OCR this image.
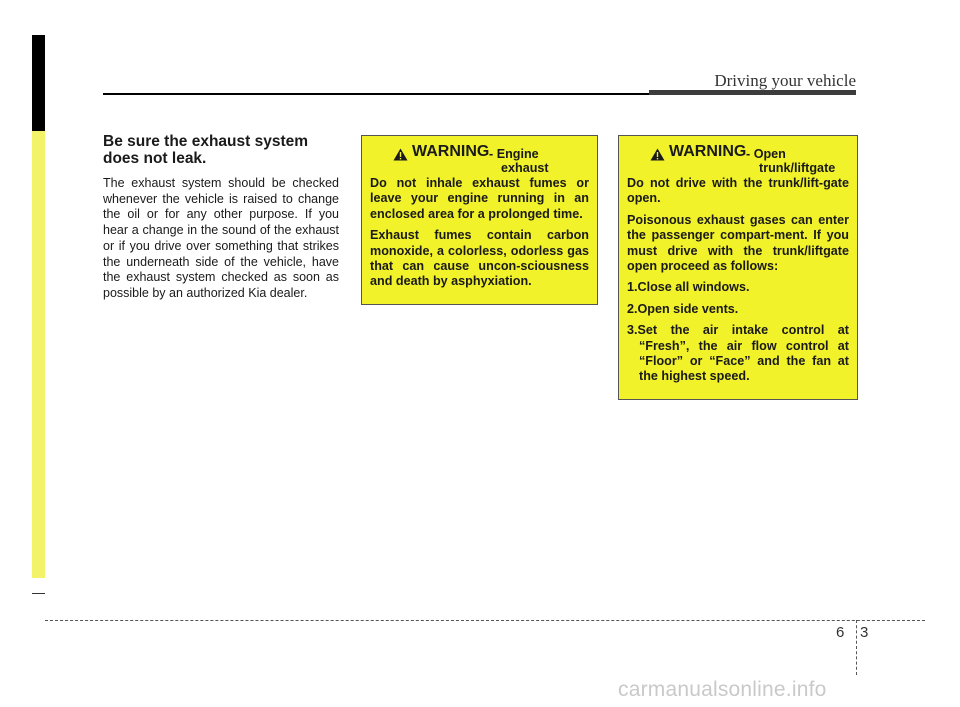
Driving your vehicle
Be sure the exhaust system does not leak.

The exhaust system should be checked whenever the vehicle is raised to change the oil or for any other purpose. If you hear a change in the sound of the exhaust or if you drive over something that strikes the underneath side of the vehicle, have the exhaust system checked as soon as possible by an authorized Kia dealer.

WARNING - Engine
exhaust

Do not inhale exhaust fumes or leave your engine running in an enclosed area for a prolonged time.

Exhaust fumes contain carbon monoxide, a colorless, odorless gas that can cause uncon-sciousness and death by asphyxiation.

WARNING - Open
trunk/liftgate

Do not drive with the trunk/lift-gate open.

Poisonous exhaust gases can enter the passenger compart-ment. If you must drive with the trunk/liftgate open proceed as follows:

1.Close all windows.
2.Open side vents.
3.Set the air intake control at “Fresh”, the air flow control at “Floor” or “Face” and the fan at the highest speed.
6 3
carmanualsonline.info
